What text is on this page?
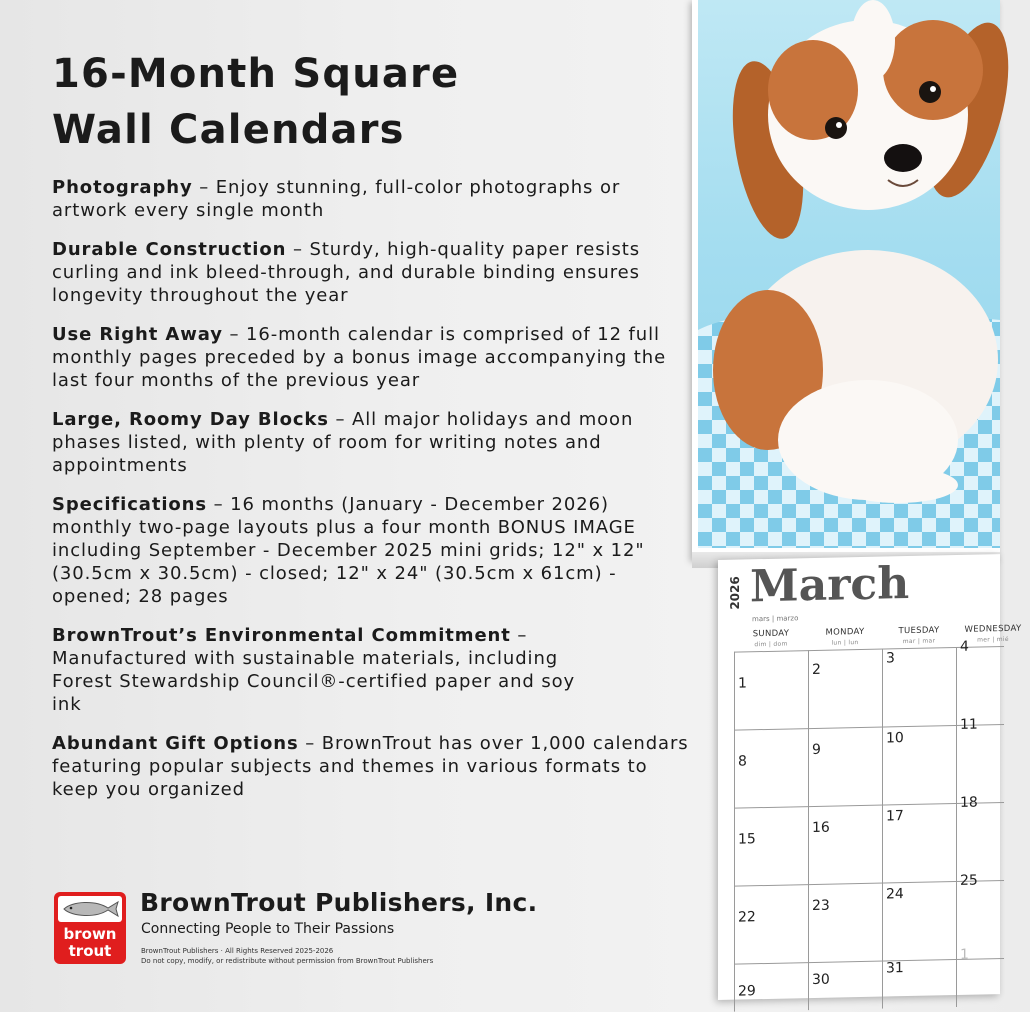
16-Month Square
Wall Calendars

Photography – Enjoy stunning, full-color photographs or artwork every single month

Durable Construction – Sturdy, high-quality paper resists curling and ink bleed-through, and durable binding ensures longevity throughout the year

Use Right Away – 16-month calendar is comprised of 12 full monthly pages preceded by a bonus image accompanying the last four months of the previous year

Large, Roomy Day Blocks – All major holidays and moon phases listed, with plenty of room for writing notes and appointments

Specifications – 16 months (January - December 2026) monthly two-page layouts plus a four month BONUS IMAGE including September - December 2025 mini grids; 12" x 12" (30.5cm x 30.5cm) - closed; 12" x 24" (30.5cm x 61cm) - opened; 28 pages

BrownTrout’s Environmental Commitment – Manufactured with sustainable materials, including Forest Stewardship Council®-certified paper and soy ink

Abundant Gift Options – BrownTrout has over 1,000 calendars featuring popular subjects and themes in various formats to keep you organized

brown
trout
BrownTrout Publishers, Inc.
Connecting People to Their Passions
BrownTrout Publishers · All Rights Reserved 2025-2026
Do not copy, modify, or redistribute without permission from BrownTrout Publishers
2026 March
mars | marzo
SUNDAY
dim | dom
MONDAY
lun | lun
TUESDAY
mar | mar
WEDNESDAY
mer | mié
1
2
3
4
8
9
10
11
15
16
17
18
22
23
24
25
29
30
31
1
